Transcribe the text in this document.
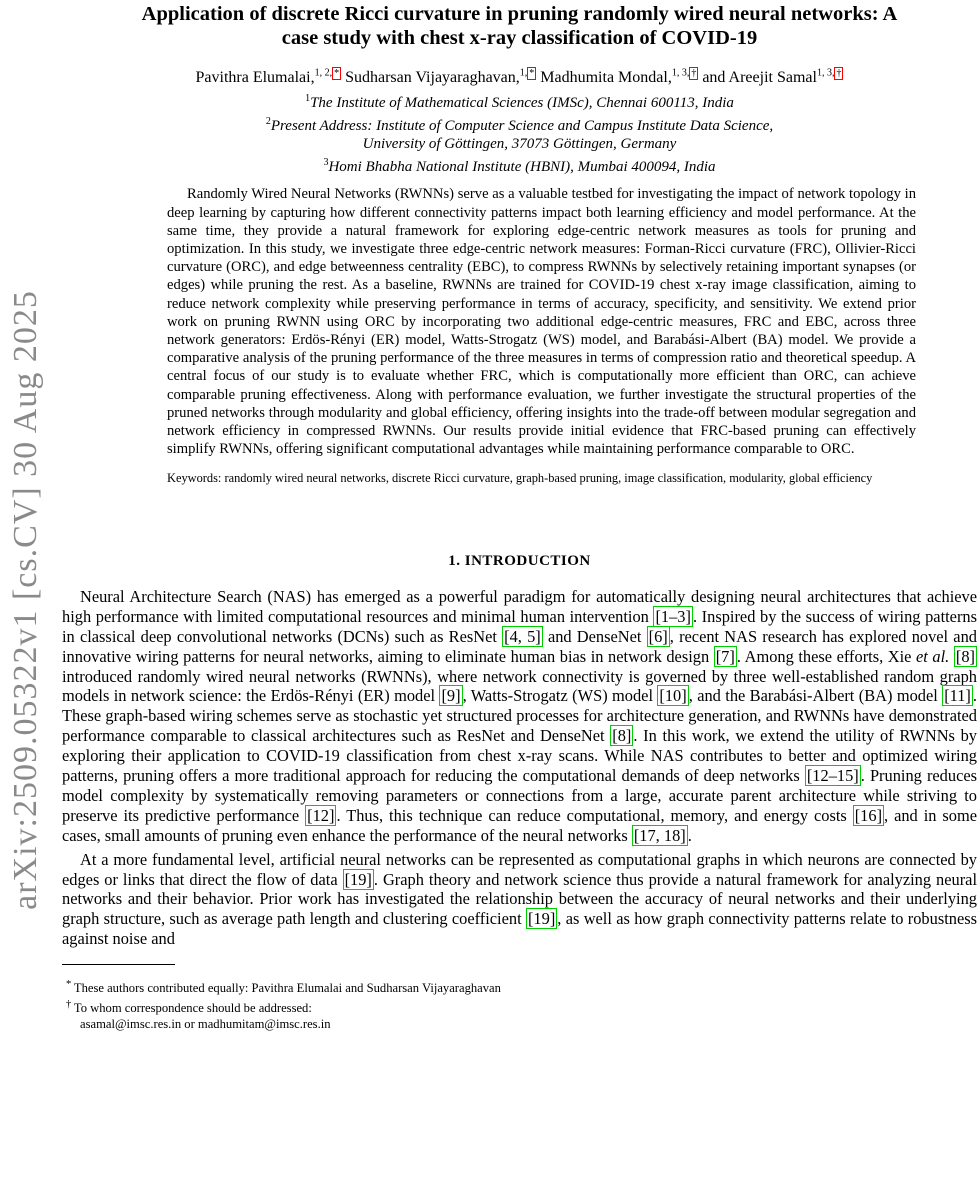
arXiv:2509.05322v1 [cs.CV] 30 Aug 2025
Application of discrete Ricci curvature in pruning randomly wired neural networks: A
case study with chest x-ray classification of COVID-19
Pavithra Elumalai,$^{1, 2, *}$ Sudharsan Vijayaraghavan,$^{1, *}$ Madhumita Mondal,$^{1, 3, \dagger}$ and Areejit Samal$^{1, 3, \dagger}$
$^1$The Institute of Mathematical Sciences (IMSc), Chennai 600113, India
$^2$Present Address: Institute of Computer Science and Campus Institute Data Science,
University of Göttingen, 37073 Göttingen, Germany
$^3$Homi Bhabha National Institute (HBNI), Mumbai 400094, India
Randomly Wired Neural Networks (RWNNs) serve as a valuable testbed for investigating the impact of network topology in deep learning by capturing how different connectivity patterns impact both learning efficiency and model performance. At the same time, they provide a natural framework for exploring edge-centric network measures as tools for pruning and optimization. In this study, we investigate three edge-centric network measures: Forman-Ricci curvature (FRC), Ollivier-Ricci curvature (ORC), and edge betweenness centrality (EBC), to compress RWNNs by selectively retaining important synapses (or edges) while pruning the rest. As a baseline, RWNNs are trained for COVID-19 chest x-ray image classification, aiming to reduce network complexity while preserving performance in terms of accuracy, specificity, and sensitivity. We extend prior work on pruning RWNN using ORC by incorporating two additional edge-centric measures, FRC and EBC, across three network generators: Erdös-Rényi (ER) model, Watts-Strogatz (WS) model, and Barabási-Albert (BA) model. We provide a comparative analysis of the pruning performance of the three measures in terms of compression ratio and theoretical speedup. A central focus of our study is to evaluate whether FRC, which is computationally more efficient than ORC, can achieve comparable pruning effectiveness. Along with performance evaluation, we further investigate the structural properties of the pruned networks through modularity and global efficiency, offering insights into the trade-off between modular segregation and network efficiency in compressed RWNNs. Our results provide initial evidence that FRC-based pruning can effectively simplify RWNNs, offering significant computational advantages while maintaining performance comparable to ORC.
Keywords: randomly wired neural networks, discrete Ricci curvature, graph-based pruning, image classification, modularity, global efficiency
1. INTRODUCTION

Neural Architecture Search (NAS) has emerged as a powerful paradigm for automatically designing neural architectures that achieve high performance with limited computational resources and minimal human intervention [1–3] . Inspired by the success of wiring patterns in classical deep convolutional networks (DCNs) such as ResNet [4, 5] and DenseNet [6] , recent NAS research has explored novel and innovative wiring patterns for neural networks, aiming to eliminate human bias in network design [7] . Among these efforts, Xie et al. [8] introduced randomly wired neural networks (RWNNs), where network connectivity is governed by three well-established random graph models in network science: the Erdös-Rényi (ER) model [9] , Watts-Strogatz (WS) model [10] , and the Barabási-Albert (BA) model [11] . These graph-based wiring schemes serve as stochastic yet structured processes for architecture generation, and RWNNs have demonstrated performance comparable to classical architectures such as ResNet and DenseNet [8] . In this work, we extend the utility of RWNNs by exploring their application to COVID-19 classification from chest x-ray scans. While NAS contributes to better and optimized wiring patterns, pruning offers a more traditional approach for reducing the computational demands of deep networks [12–15] . Pruning reduces model complexity by systematically removing parameters or connections from a large, accurate parent architecture while striving to preserve its predictive performance [12] . Thus, this technique can reduce computational, memory, and energy costs [16] , and in some cases, small amounts of pruning even enhance the performance of the neural networks [17, 18] .

At a more fundamental level, artificial neural networks can be represented as computational graphs in which neurons are connected by edges or links that direct the flow of data [19] . Graph theory and network science thus provide a natural framework for analyzing neural networks and their behavior. Prior work has investigated the relationship between the accuracy of neural networks and their underlying graph structure, such as average path length and clustering coefficient [19] , as well as how graph connectivity patterns relate to robustness against noise and

* These authors contributed equally: Pavithra Elumalai and Sudharsan Vijayaraghavan
† To whom correspondence should be addressed:
asamal@imsc.res.in or madhumitam@imsc.res.in
